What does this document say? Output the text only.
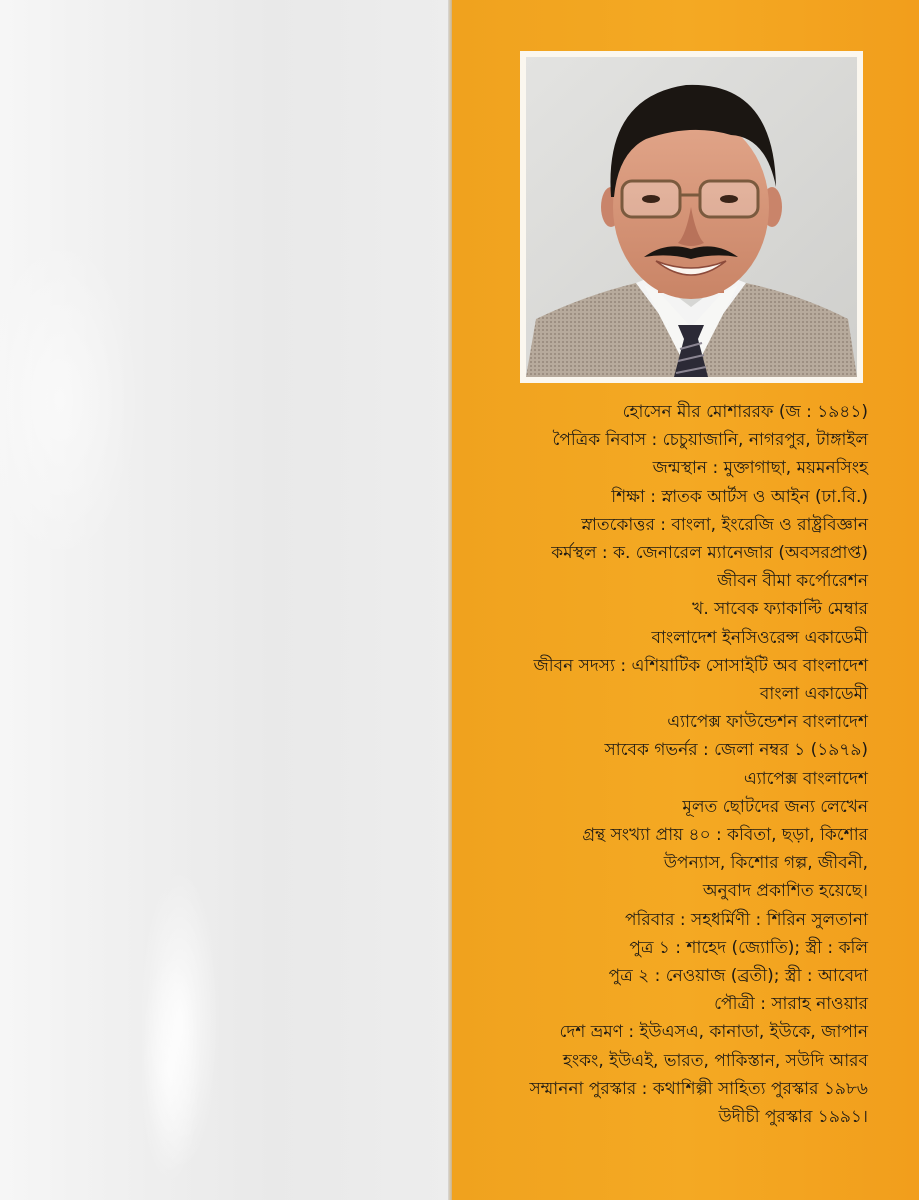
হোসেন মীর মোশাররফ (জ : ১৯৪১)
পৈত্রিক নিবাস : চেচুয়াজানি, নাগরপুর, টাঙ্গাইল
জন্মস্থান : মুক্তাগাছা, ময়মনসিংহ
শিক্ষা : স্নাতক আর্টস ও আইন (ঢা.বি.)
স্নাতকোত্তর : বাংলা, ইংরেজি ও রাষ্ট্রবিজ্ঞান
কর্মস্থল : ক. জেনারেল ম্যানেজার (অবসরপ্রাপ্ত)
জীবন বীমা কর্পোরেশন
খ. সাবেক ফ্যাকাল্টি মেম্বার
বাংলাদেশ ইনসিওরেন্স একাডেমী
জীবন সদস্য : এশিয়াটিক সোসাইটি অব বাংলাদেশ
বাংলা একাডেমী
এ্যাপেক্স ফাউন্ডেশন বাংলাদেশ
সাবেক গভর্নর : জেলা নম্বর ১ (১৯৭৯)
এ্যাপেক্স বাংলাদেশ
মূলত ছোটদের জন্য লেখেন
গ্রন্থ সংখ্যা প্রায় ৪০ : কবিতা, ছড়া, কিশোর
উপন্যাস, কিশোর গল্প, জীবনী,
অনুবাদ প্রকাশিত হয়েছে।
পরিবার : সহধর্মিণী : শিরিন সুলতানা
পুত্র ১ : শাহেদ (জ্যোতি); স্ত্রী : কলি
পুত্র ২ : নেওয়াজ (ব্রতী); স্ত্রী : আবেদা
পৌত্রী : সারাহ নাওয়ার
দেশ ভ্রমণ : ইউএসএ, কানাডা, ইউকে, জাপান
হংকং, ইউএই, ভারত, পাকিস্তান, সউদি আরব
সম্মাননা পুরস্কার : কথাশিল্পী সাহিত্য পুরস্কার ১৯৮৬
উদীচী পুরস্কার ১৯৯১।
